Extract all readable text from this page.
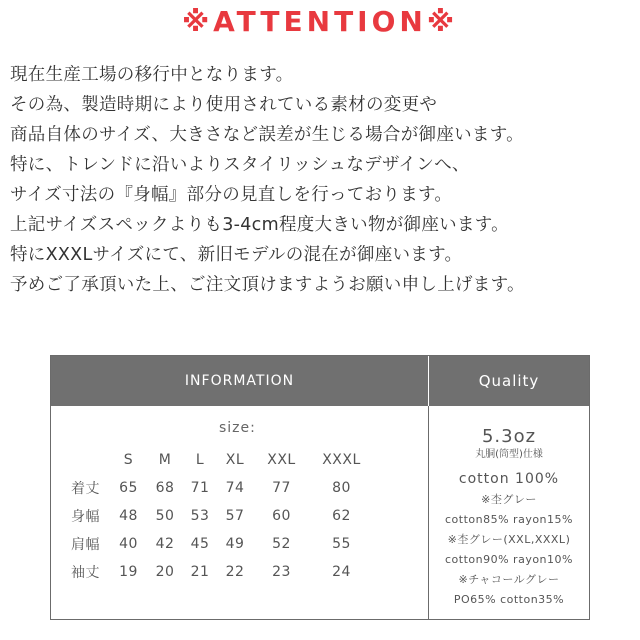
※ATTENTION※
現在生産工場の移行中となります。
その為、製造時期により使用されている素材の変更や
商品自体のサイズ、大きさなど誤差が生じる場合が御座います。
特に、トレンドに沿いよりスタイリッシュなデザインへ、
サイズ寸法の『身幅』部分の見直しを行っております。
上記サイズスペックよりも3-4cm程度大きい物が御座います。
特にXXXLサイズにて、新旧モデルの混在が御座います。
予めご了承頂いた上、ご注文頂けますようお願い申し上げます。
INFORMATION	Quality
size:
	S	M	L	XL	XXL	XXXL
着丈	65	68	71	74	77	80
身幅	48	50	53	57	60	62
肩幅	40	42	45	49	52	55
袖丈	19	20	21	22	23	24
5.3oz
丸胴(筒型)仕様
cotton 100%
※杢グレー
cotton85% rayon15%
※杢グレー(XXL,XXXL)
cotton90% rayon10%
※チャコールグレー
PO65% cotton35%
